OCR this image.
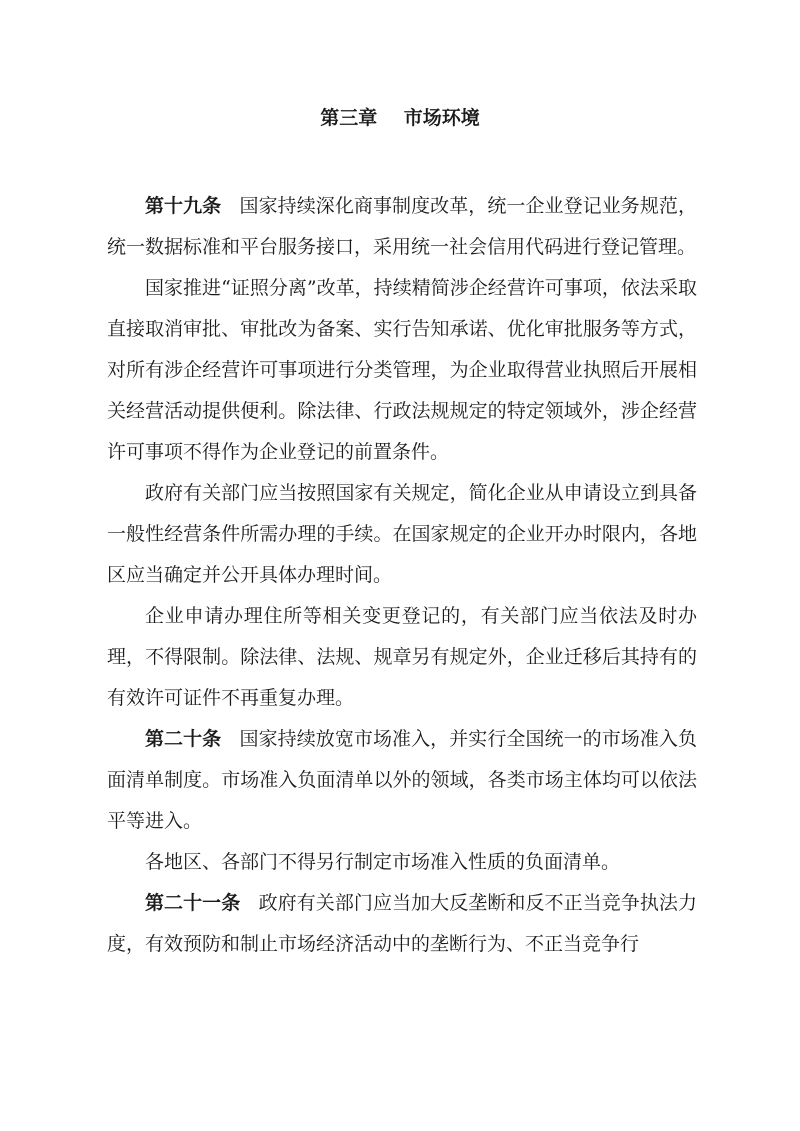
第三章    市场环境

第十九条   国家持续深化商事制度改革，统一企业登记业务规范，统一数据标准和平台服务接口，采用统一社会信用代码进行登记管理。

国家推进“证照分离”改革，持续精简涉企经营许可事项，依法采取直接取消审批、审批改为备案、实行告知承诺、优化审批服务等方式，对所有涉企经营许可事项进行分类管理，为企业取得营业执照后开展相关经营活动提供便利。除法律、行政法规规定的特定领域外，涉企经营许可事项不得作为企业登记的前置条件。

政府有关部门应当按照国家有关规定，简化企业从申请设立到具备一般性经营条件所需办理的手续。在国家规定的企业开办时限内，各地区应当确定并公开具体办理时间。

企业申请办理住所等相关变更登记的，有关部门应当依法及时办理，不得限制。除法律、法规、规章另有规定外，企业迁移后其持有的有效许可证件不再重复办理。

第二十条   国家持续放宽市场准入，并实行全国统一的市场准入负面清单制度。市场准入负面清单以外的领域，各类市场主体均可以依法平等进入。

各地区、各部门不得另行制定市场准入性质的负面清单。

第二十一条   政府有关部门应当加大反垄断和反不正当竞争执法力度，有效预防和制止市场经济活动中的垄断行为、不正当竞争行
